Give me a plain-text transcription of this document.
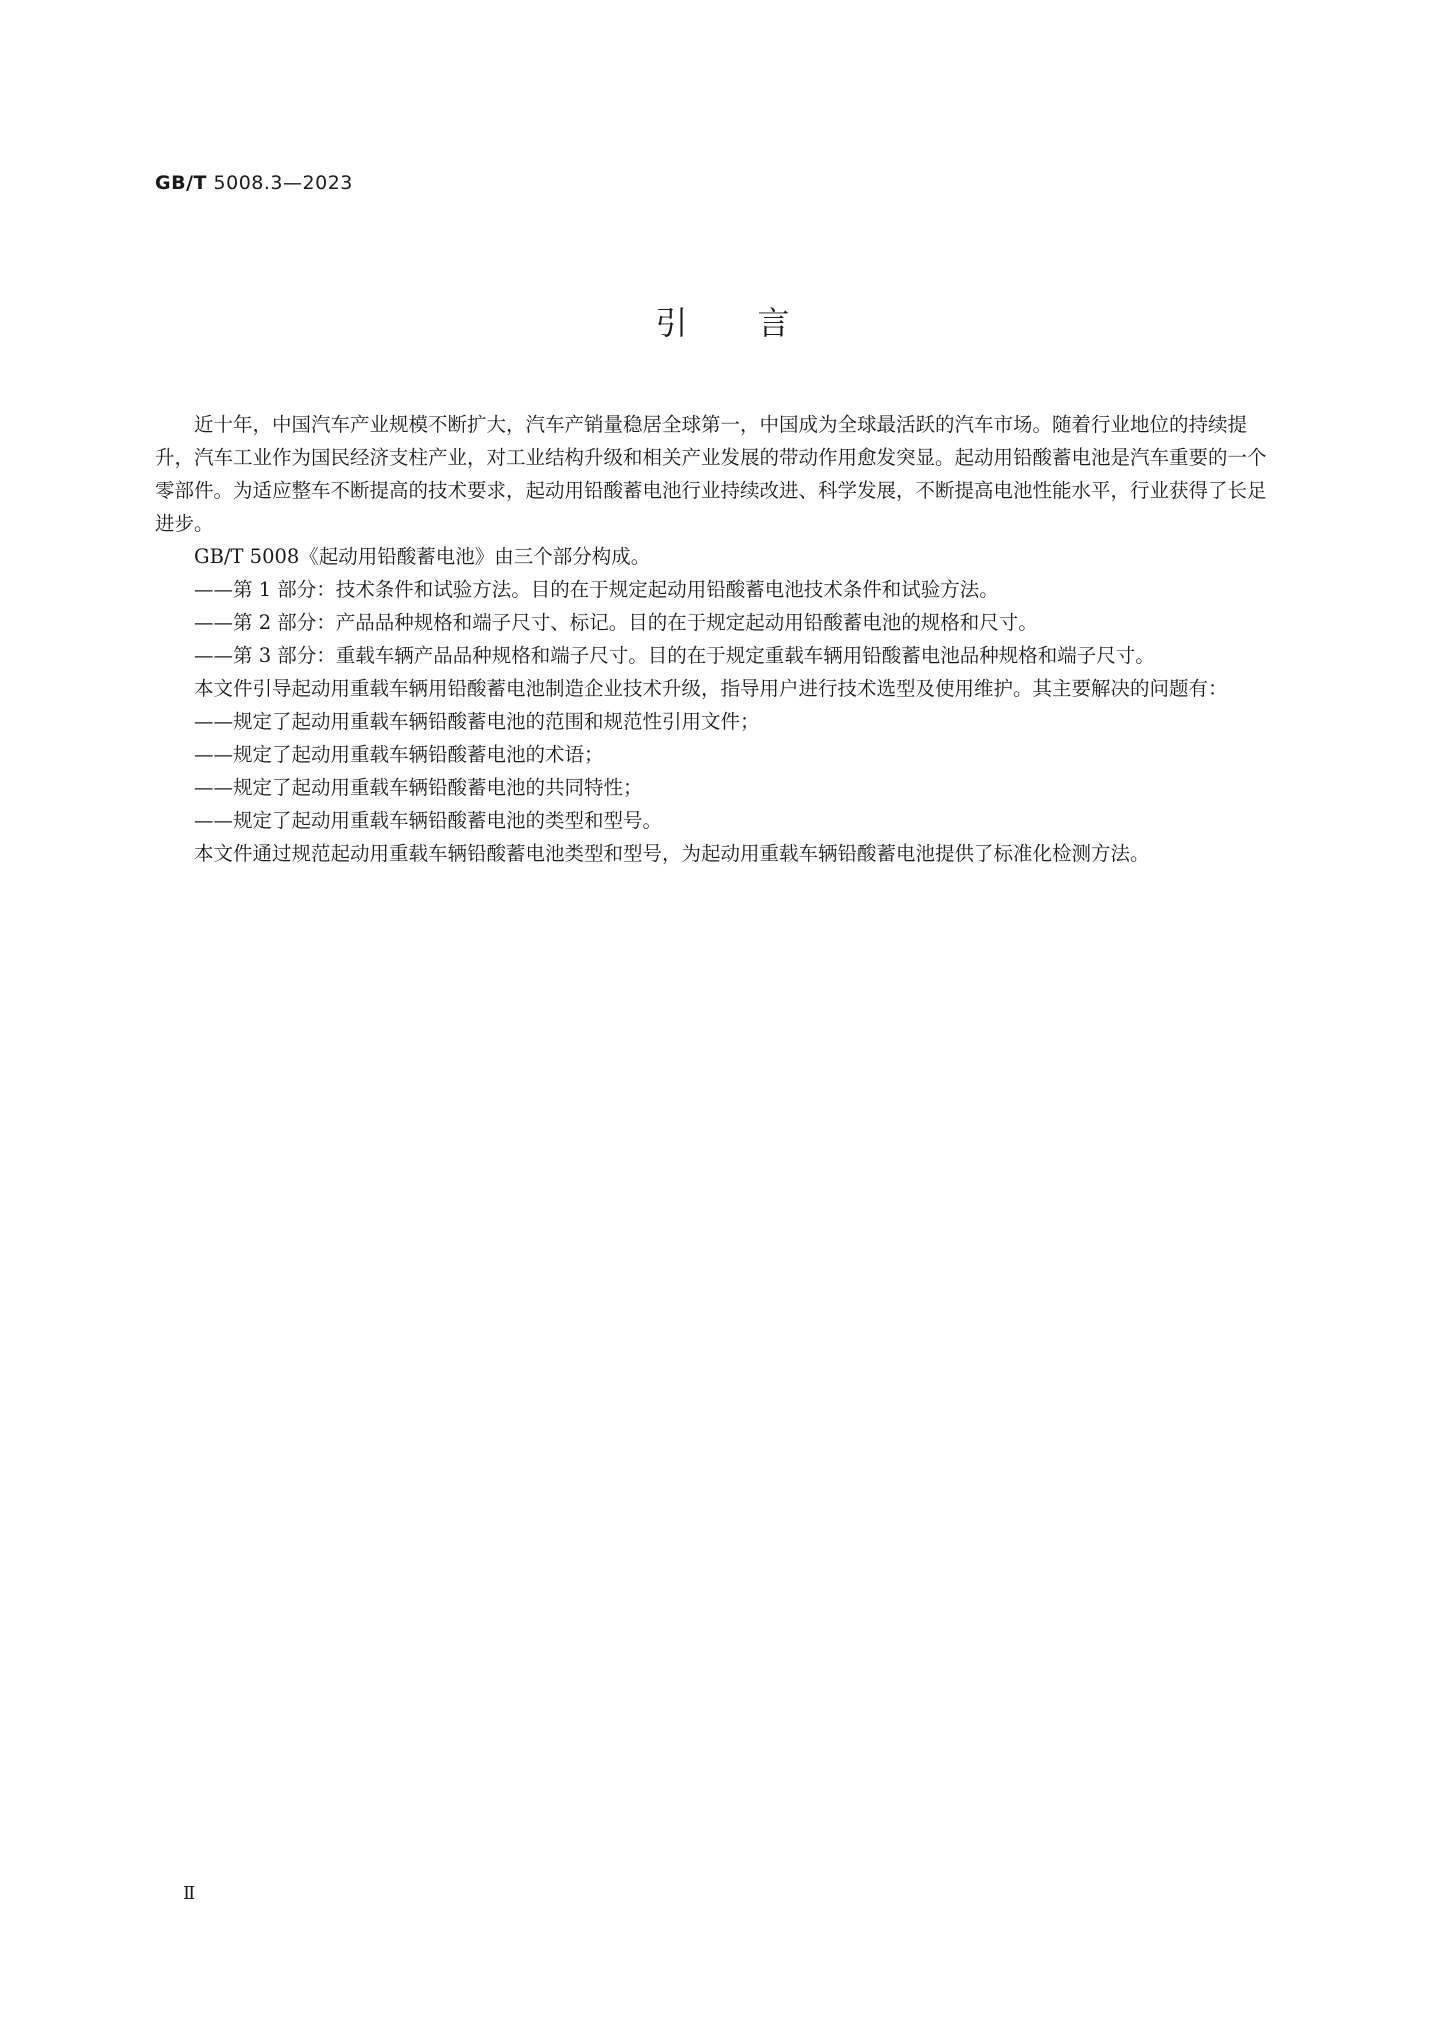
GB/T 5008.3—2023
引言

近十年，中国汽车产业规模不断扩大，汽车产销量稳居全球第一，中国成为全球最活跃的汽车市场。随着行业地位的持续提升，汽车工业作为国民经济支柱产业，对工业结构升级和相关产业发展的带动作用愈发突显。起动用铅酸蓄电池是汽车重要的一个零部件。为适应整车不断提高的技术要求，起动用铅酸蓄电池行业持续改进、科学发展，不断提高电池性能水平，行业获得了长足进步。

GB/T 5008《起动用铅酸蓄电池》由三个部分构成。

——第 1 部分：技术条件和试验方法。目的在于规定起动用铅酸蓄电池技术条件和试验方法。

——第 2 部分：产品品种规格和端子尺寸、标记。目的在于规定起动用铅酸蓄电池的规格和尺寸。

——第 3 部分：重载车辆产品品种规格和端子尺寸。目的在于规定重载车辆用铅酸蓄电池品种规格和端子尺寸。

本文件引导起动用重载车辆用铅酸蓄电池制造企业技术升级，指导用户进行技术选型及使用维护。其主要解决的问题有：

——规定了起动用重载车辆铅酸蓄电池的范围和规范性引用文件；

——规定了起动用重载车辆铅酸蓄电池的术语；

——规定了起动用重载车辆铅酸蓄电池的共同特性；

——规定了起动用重载车辆铅酸蓄电池的类型和型号。

本文件通过规范起动用重载车辆铅酸蓄电池类型和型号，为起动用重载车辆铅酸蓄电池提供了标准化检测方法。

Ⅱ
